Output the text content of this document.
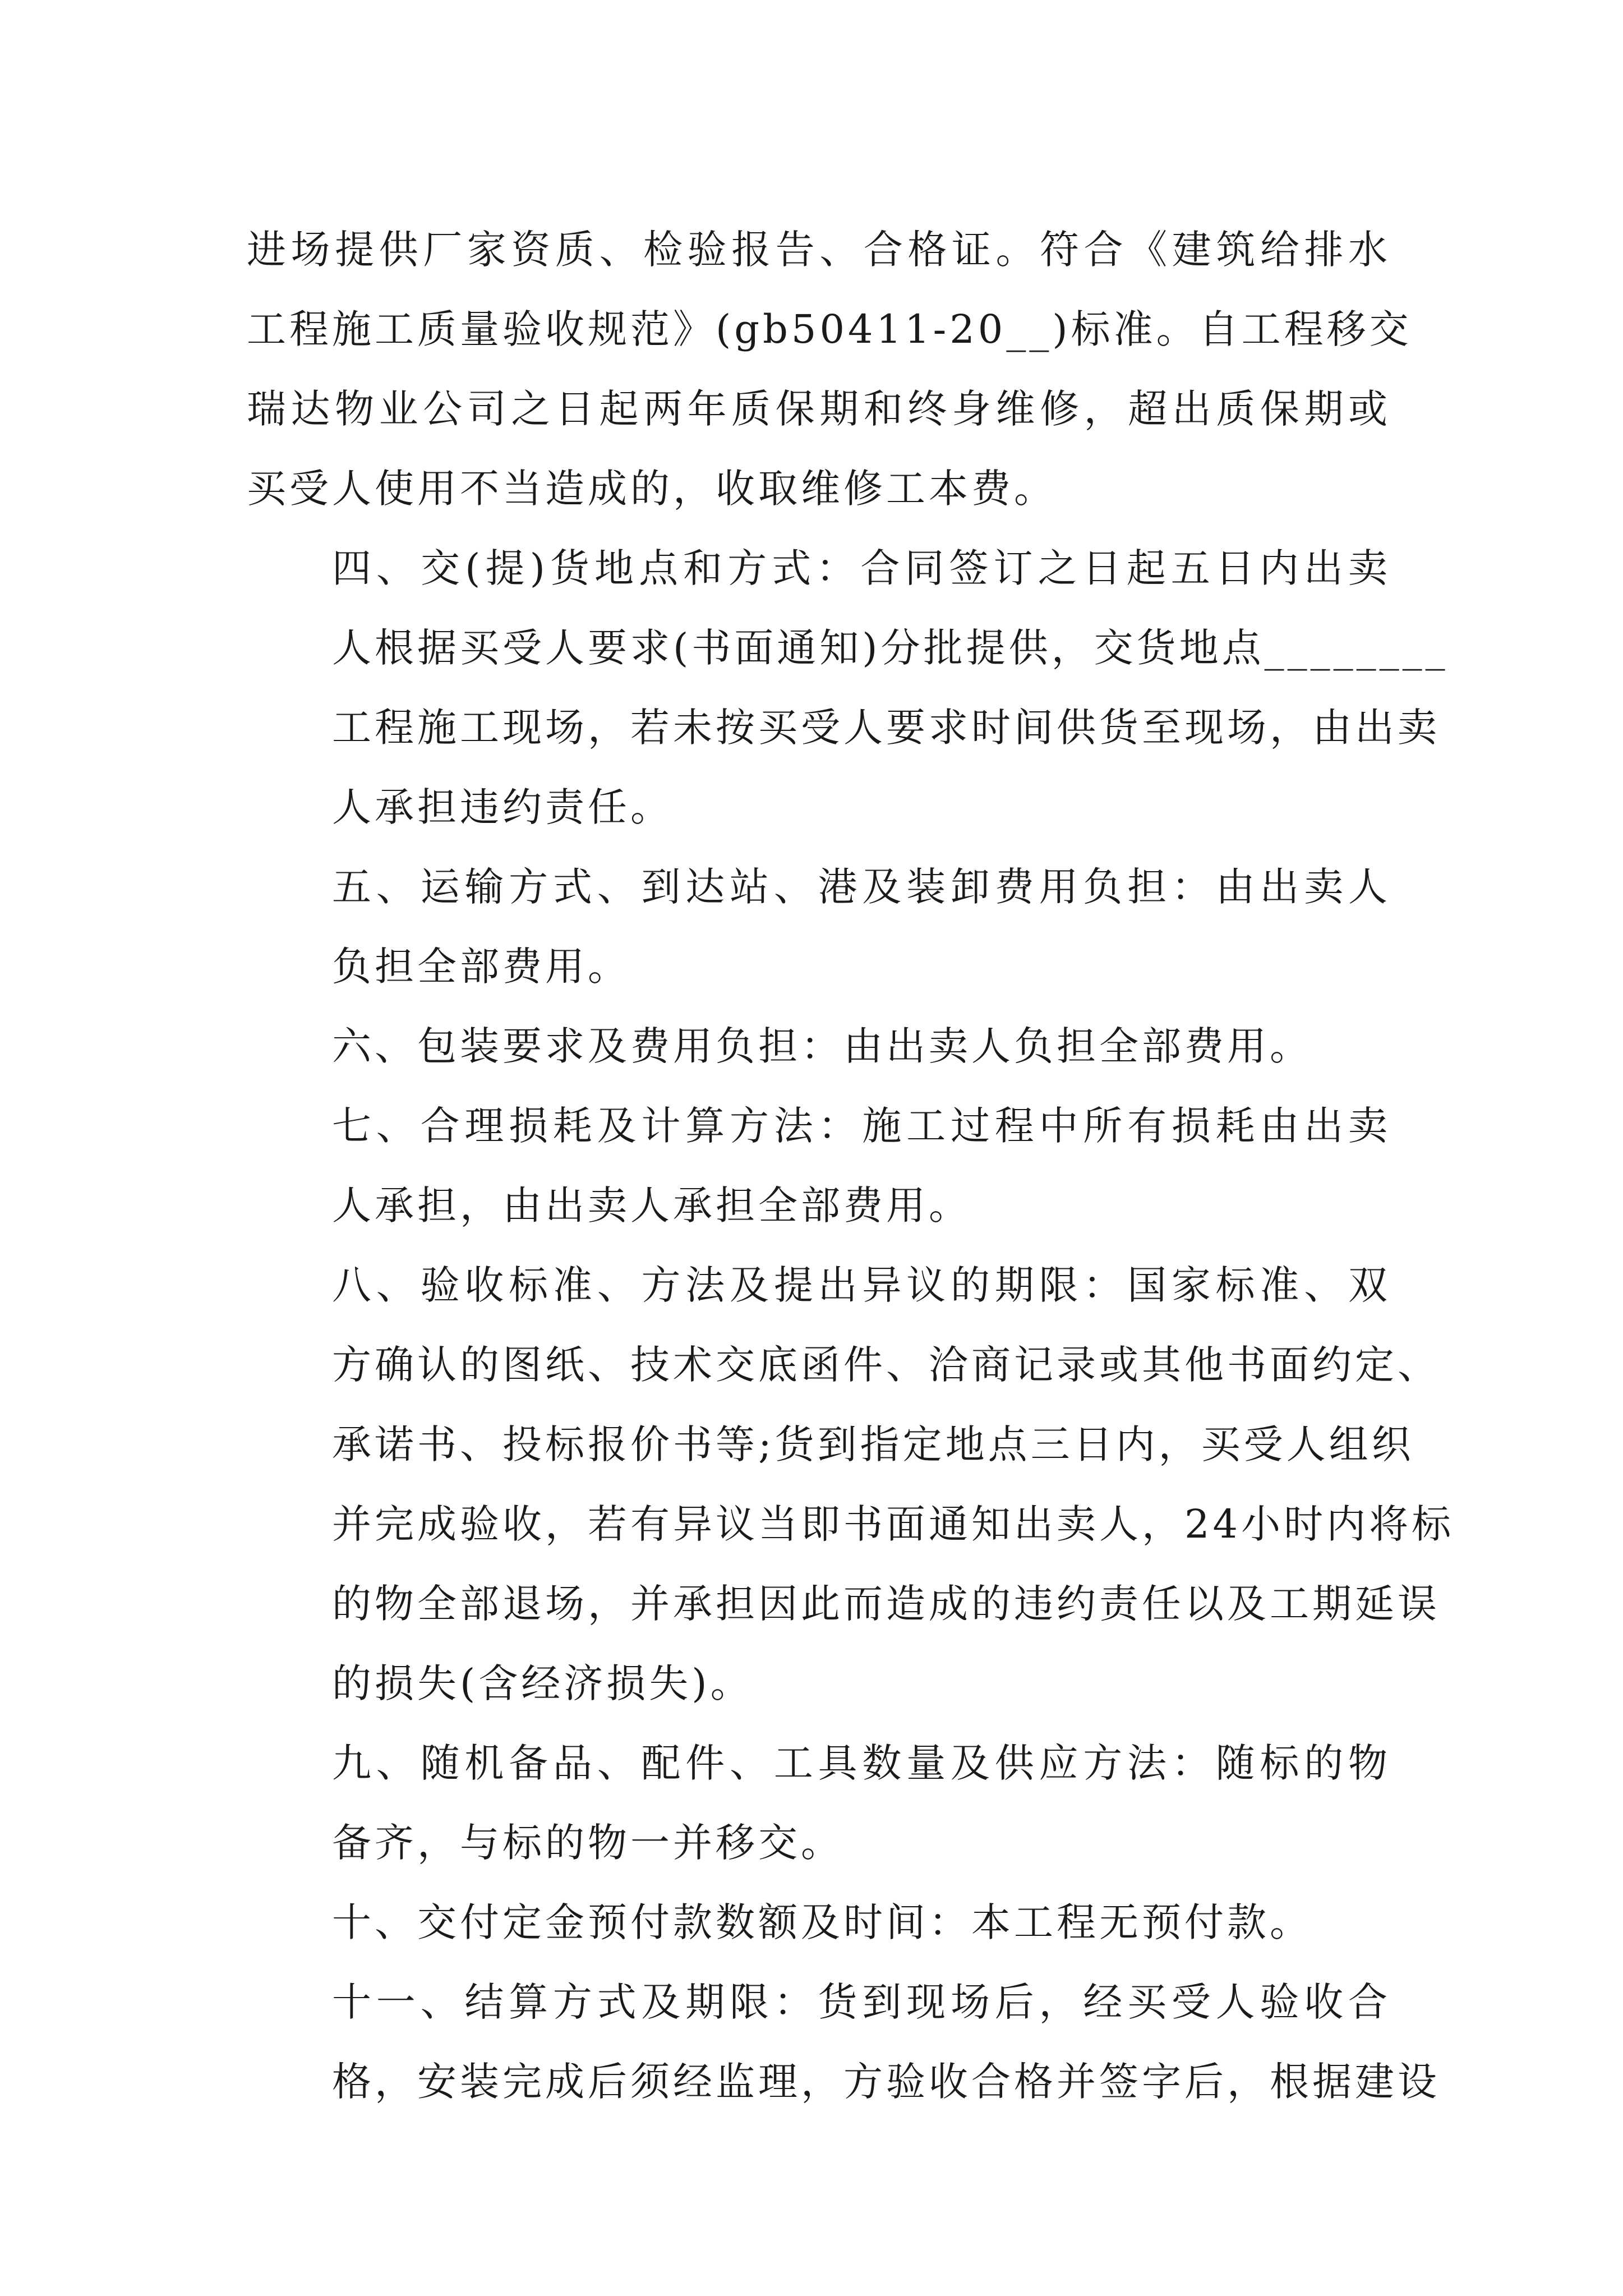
进场提供厂家资质、检验报告、合格证。符合《建筑给排水
工程施工质量验收规范》(gb50411-20__)标准。自工程移交
瑞达物业公司之日起两年质保期和终身维修，超出质保期或
买受人使用不当造成的，收取维修工本费。
四、交(提)货地点和方式：合同签订之日起五日内出卖
人根据买受人要求(书面通知)分批提供，交货地点________
工程施工现场，若未按买受人要求时间供货至现场，由出卖
人承担违约责任。
五、运输方式、到达站、港及装卸费用负担：由出卖人
负担全部费用。
六、包装要求及费用负担：由出卖人负担全部费用。
七、合理损耗及计算方法：施工过程中所有损耗由出卖
人承担，由出卖人承担全部费用。
八、验收标准、方法及提出异议的期限：国家标准、双
方确认的图纸、技术交底函件、洽商记录或其他书面约定、
承诺书、投标报价书等;货到指定地点三日内，买受人组织
并完成验收，若有异议当即书面通知出卖人，24小时内将标
的物全部退场，并承担因此而造成的违约责任以及工期延误
的损失(含经济损失)。
九、随机备品、配件、工具数量及供应方法：随标的物
备齐，与标的物一并移交。
十、交付定金预付款数额及时间：本工程无预付款。
十一、结算方式及期限：货到现场后，经买受人验收合
格，安装完成后须经监理，方验收合格并签字后，根据建设
